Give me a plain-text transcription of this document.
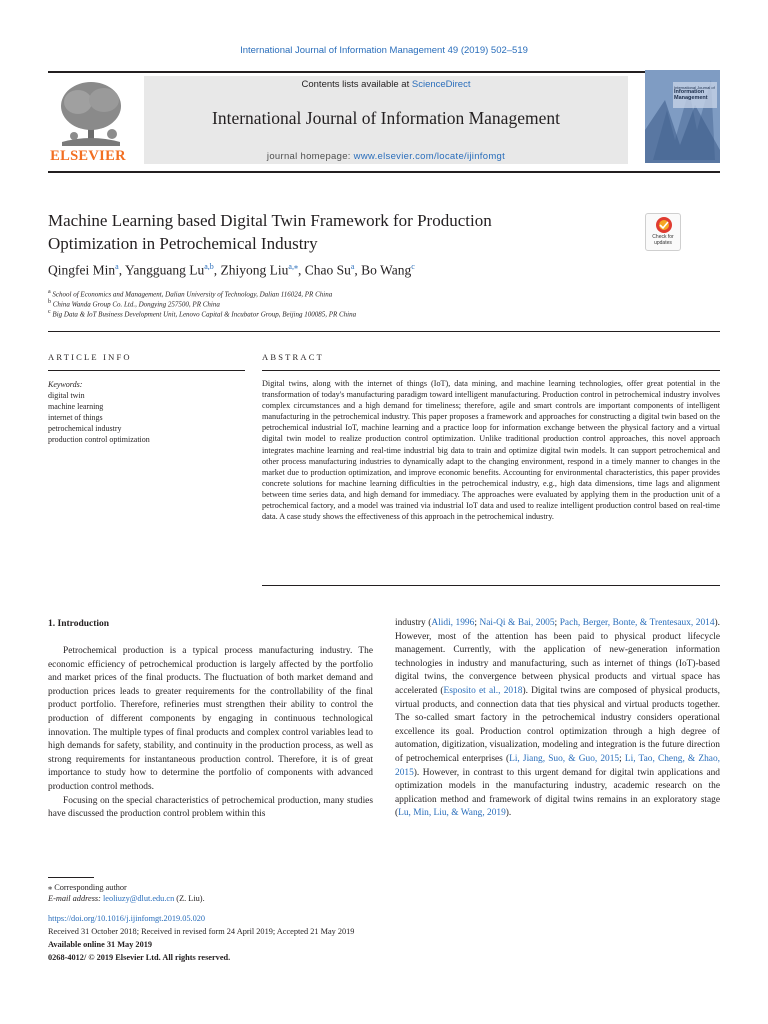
International Journal of Information Management 49 (2019) 502–519
ELSEVIER
Contents lists available at ScienceDirect
International Journal of Information Management
journal homepage: www.elsevier.com/locate/ijinfomgt
International Journal of
Information
Management
Machine Learning based Digital Twin Framework for Production
Optimization in Petrochemical Industry	Check for updates
Qingfei Min$^a$, Yangguang Lu$^{a,b}$, Zhiyong Liu$^{a,⁎}$, Chao Su$^a$, Bo Wang$^c$
$^a$ School of Economics and Management, Dalian University of Technology, Dalian 116024, PR China
$^b$ China Wanda Group Co. Ltd., Dongying 257500, PR China
$^c$ Big Data & IoT Business Development Unit, Lenovo Capital & Incubator Group, Beijing 100085, PR China
ARTICLE INFO	ABSTRACT
Keywords:
digital twin
machine learning
internet of things
petrochemical industry
production control optimization
Digital twins, along with the internet of things (IoT), data mining, and machine learning technologies, offer great potential in the transformation of today's manufacturing paradigm toward intelligent manufacturing. Production control in petrochemical industry involves complex circumstances and a high demand for timeliness; therefore, agile and smart controls are important components of intelligent manufacturing in the petrochemical industry. This paper proposes a framework and approaches for constructing a digital twin based on the petrochemical industrial IoT, machine learning and a practice loop for information exchange between the physical factory and a virtual digital twin model to realize production control optimization. Unlike traditional production control approaches, this novel approach integrates machine learning and real-time industrial big data to train and optimize digital twin models. It can support petrochemical and other process manufacturing industries to dynamically adapt to the changing environment, respond in a timely manner to changes in the market due to production optimization, and improve economic benefits. Accounting for environmental characteristics, this paper provides concrete solutions for machine learning difficulties in the petrochemical industry, e.g., high data dimensions, time lags and alignment between time series data, and high demand for immediacy. The approaches were evaluated by applying them in the production unit of a petrochemical factory, and a model was trained via industrial IoT data and used to realize intelligent production control based on real-time data. A case study shows the effectiveness of this approach in the petrochemical industry.
1. Introduction

Petrochemical production is a typical process manufacturing industry. The economic efficiency of petrochemical production is largely affected by the portfolio and market prices of the final products. The fluctuation of both market demand and production prices leads to greater requirements for the controllability of the final product portfolio. Therefore, refineries must strengthen their ability to control the production of different components by engaging in continuous technological innovation. The multiple types of final products and complex control variables lead to high demands for safety, stability, and continuity in the production process, as well as strong requirements for instantaneous production control. Therefore, it is of great importance to study how to determine the portfolio of components with advanced production control methods.

Focusing on the special characteristics of petrochemical production, many studies have discussed the production control problem within this

industry (Alidi, 1996; Nai-Qi & Bai, 2005; Pach, Berger, Bonte, & Trentesaux, 2014). However, most of the attention has been paid to physical product lifecycle management. Currently, with the application of new-generation information technologies in industry and manufacturing, such as internet of things (IoT)-based digital twins, the convergence between physical products and virtual space has accelerated (Esposito et al., 2018). Digital twins are composed of physical products, virtual products, and connection data that ties physical and virtual products together. The so-called smart factory in the petrochemical industry considers operational excellence its goal. Production control optimization through a high degree of automation, digitization, visualization, modeling and integration is the future direction of petrochemical enterprises (Li, Jiang, Suo, & Guo, 2015; Li, Tao, Cheng, & Zhao, 2015). However, in contrast to this urgent demand for digital twin applications and optimization models in the manufacturing industry, academic research on the application method and framework of digital twins remains in an exploratory stage (Lu, Min, Liu, & Wang, 2019).

⁎ Corresponding author
E-mail address: leoliuzy@dlut.edu.cn (Z. Liu).
https://doi.org/10.1016/j.ijinfomgt.2019.05.020
Received 31 October 2018; Received in revised form 24 April 2019; Accepted 21 May 2019
Available online 31 May 2019
0268-4012/ © 2019 Elsevier Ltd. All rights reserved.
